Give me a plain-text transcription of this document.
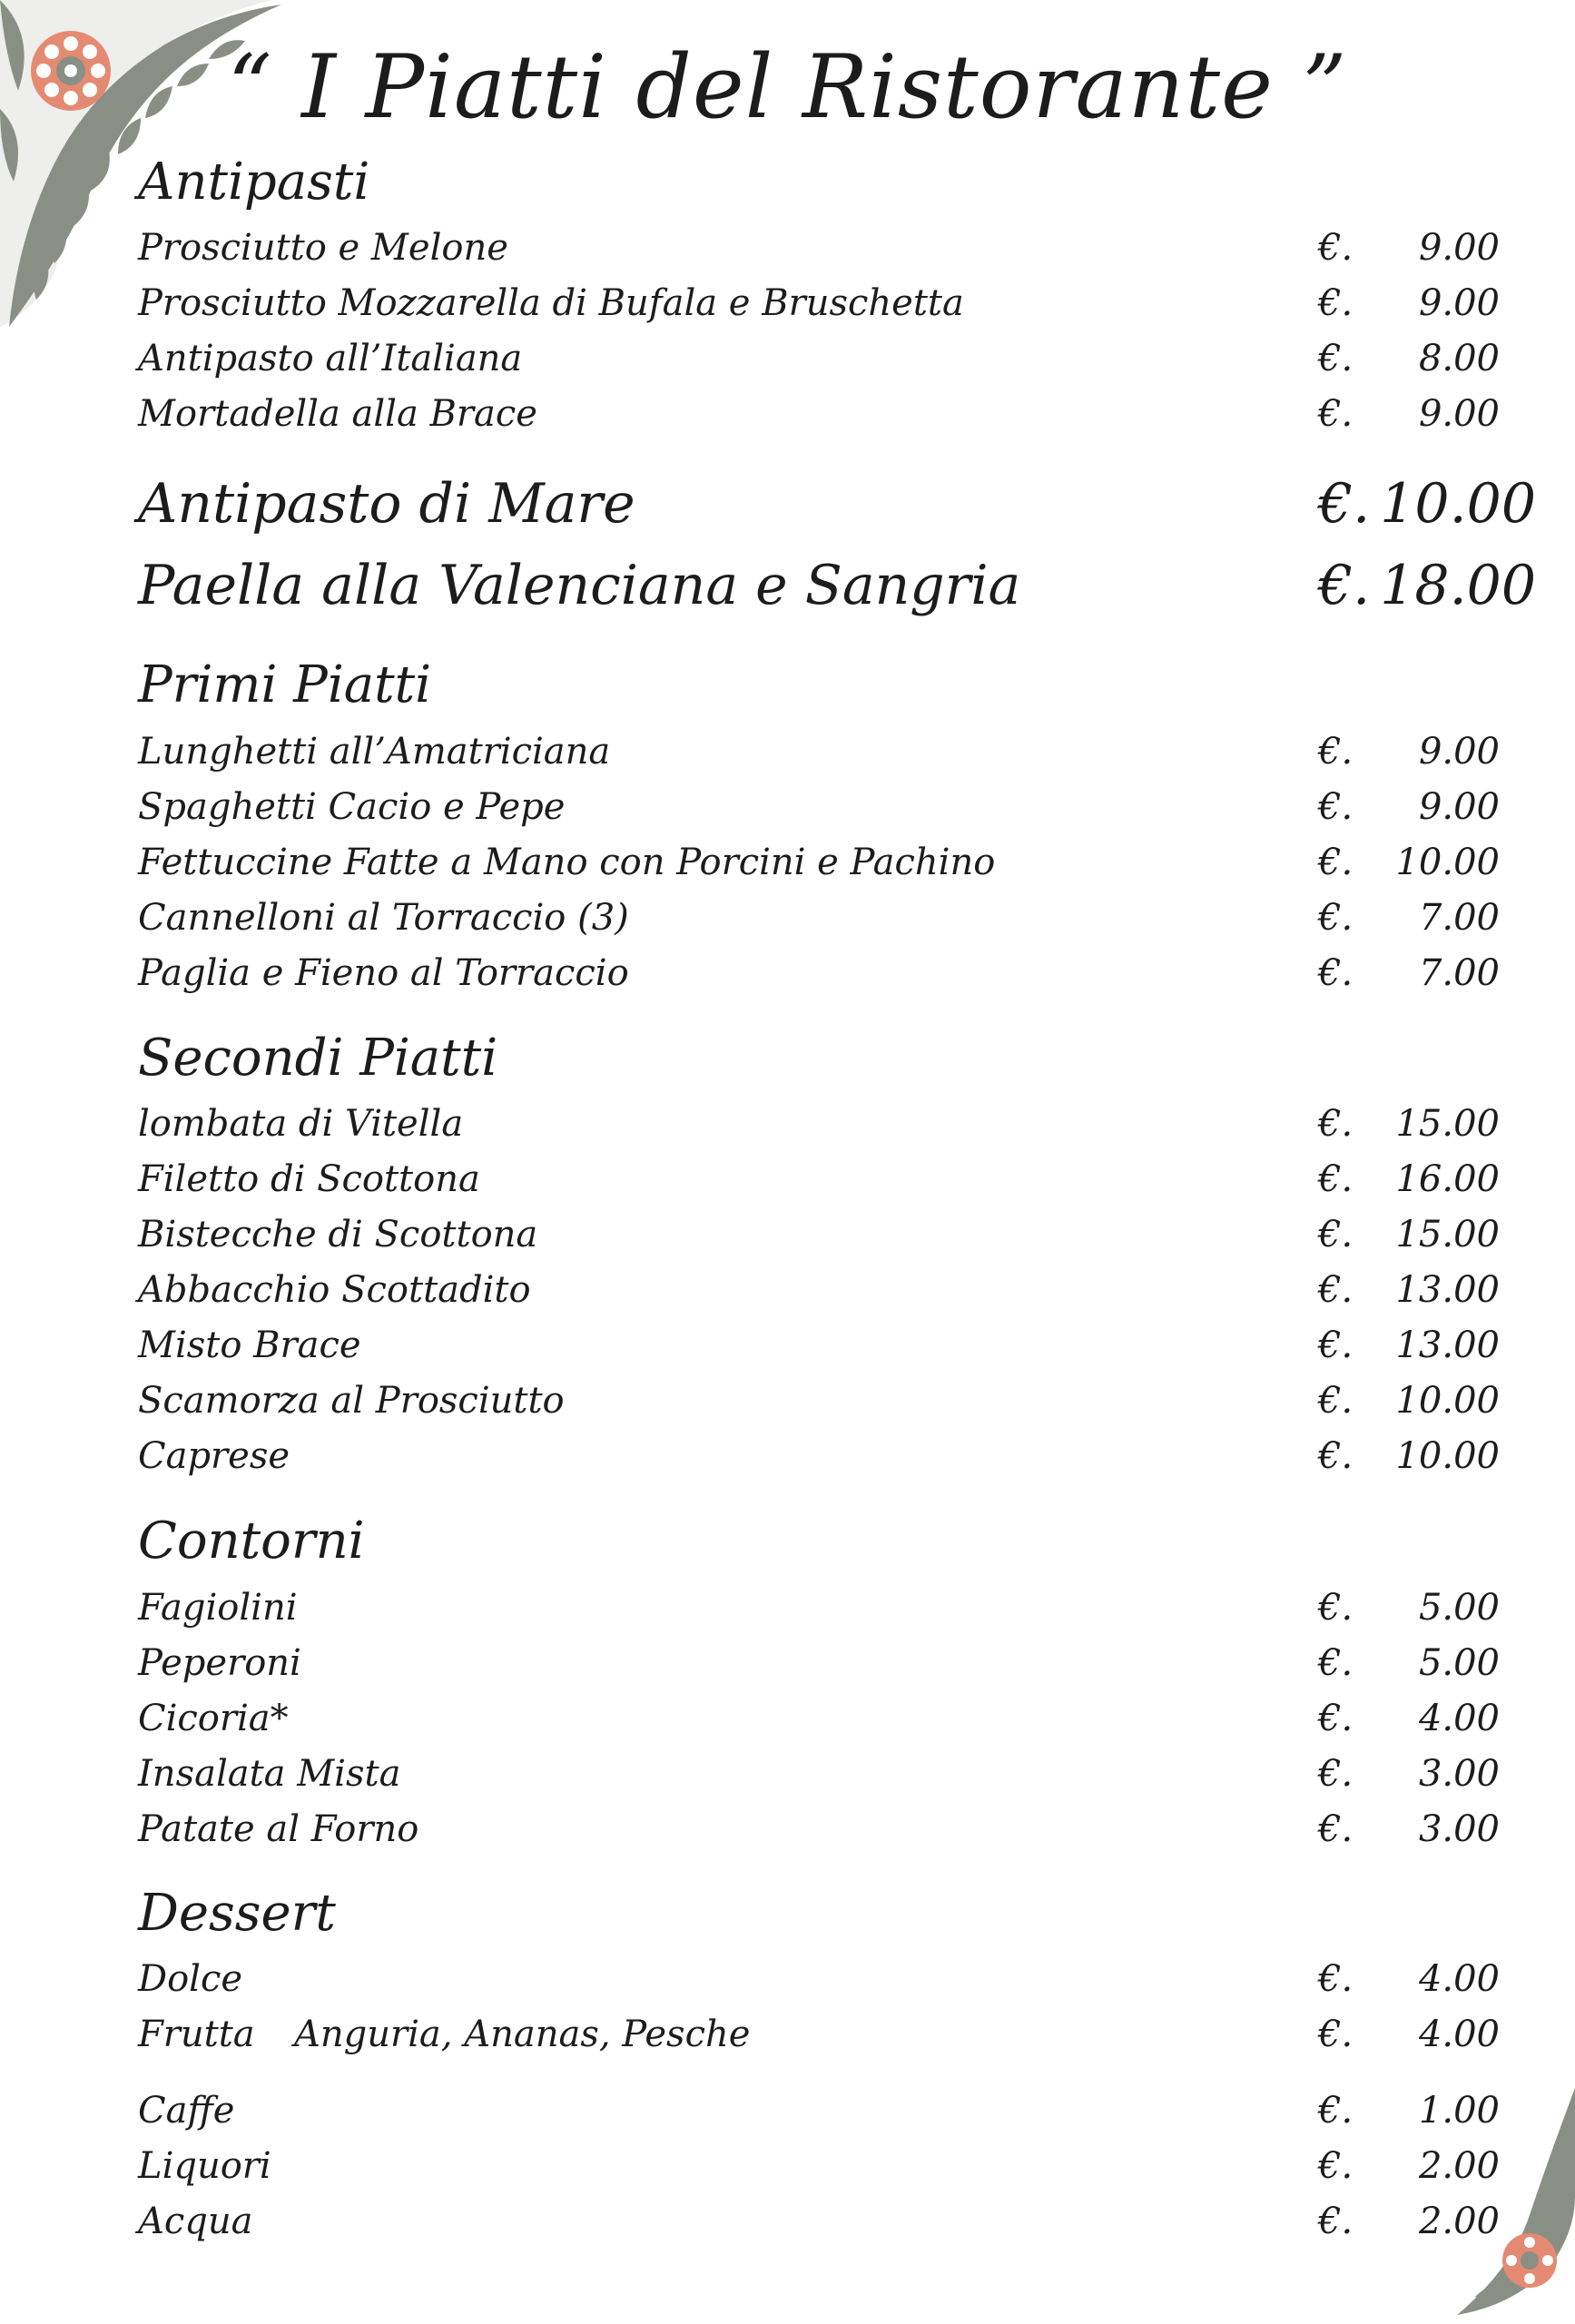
“ I Piatti del Ristorante ”
Antipasti
Prosciutto e Melone	€.	9.00
Prosciutto Mozzarella di Bufala e Bruschetta	€.	9.00
Antipasto all’Italiana	€.	8.00
Mortadella alla Brace	€.	9.00
Antipasto di Mare	€. 10.00
Paella alla Valenciana e Sangria	€. 18.00
Primi Piatti
Lunghetti all’Amatriciana	€.	9.00
Spaghetti Cacio e Pepe	€.	9.00
Fettuccine Fatte a Mano con Porcini e Pachino	€.	10.00
Cannelloni al Torraccio (3)	€.	7.00
Paglia e Fieno al Torraccio	€.	7.00
Secondi Piatti
lombata di Vitella	€.	15.00
Filetto di Scottona	€.	16.00
Bistecche di Scottona	€.	15.00
Abbacchio Scottadito	€.	13.00
Misto Brace	€.	13.00
Scamorza al Prosciutto	€.	10.00
Caprese	€.	10.00
Contorni
Fagiolini	€.	5.00
Peperoni	€.	5.00
Cicoria*	€.	4.00
Insalata Mista	€.	3.00
Patate al Forno	€.	3.00
Dessert
Dolce	€.	4.00
Frutta Anguria, Ananas, Pesche	€.	4.00
Caffe	€.	1.00
Liquori	€.	2.00
Acqua	€.	2.00
